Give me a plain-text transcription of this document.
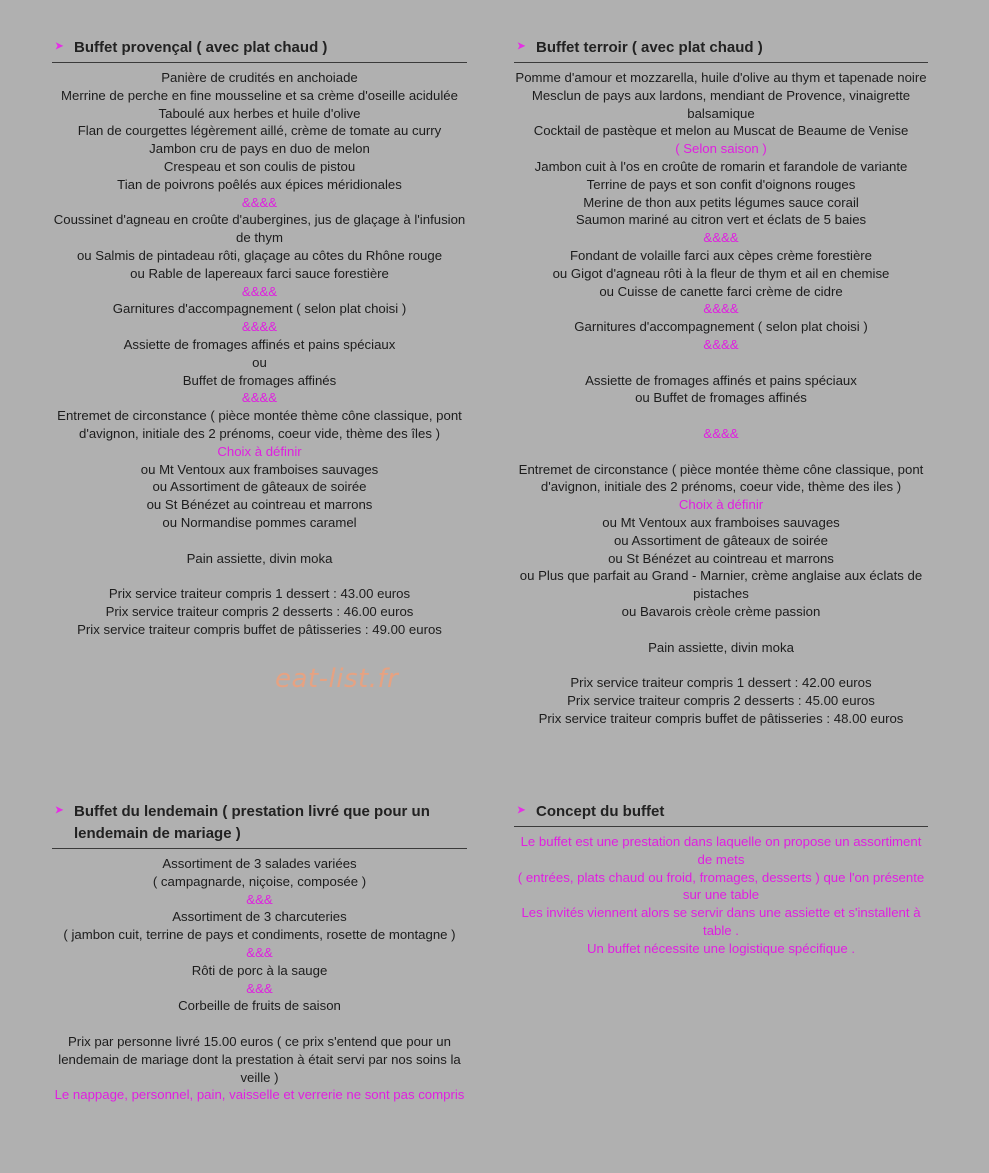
➤ Buffet provençal ( avec plat chaud )
Panière de crudités en anchoiade
Merrine de perche en fine mousseline et sa crème d'oseille acidulée
Taboulé aux herbes et huile d'olive
Flan de courgettes légèrement aillé, crème de tomate au curry
Jambon cru de pays en duo de melon
Crespeau et son coulis de pistou
Tian de poivrons poêlés aux épices méridionales
&&&&
Coussinet d'agneau en croûte d'aubergines, jus de glaçage à l'infusion de thym
ou Salmis de pintadeau rôti, glaçage au côtes du Rhône rouge
ou Rable de lapereaux farci sauce forestière
&&&&
Garnitures d'accompagnement ( selon plat choisi )
&&&&
Assiette de fromages affinés et pains spéciaux
ou
Buffet de fromages affinés
&&&&
Entremet de circonstance ( pièce montée thème cône classique, pont d'avignon, initiale des 2 prénoms, coeur vide, thème des îles )
Choix à définir
ou Mt Ventoux aux framboises sauvages
ou Assortiment de gâteaux de soirée
ou St Bénézet au cointreau et marrons
ou Normandise pommes caramel
Pain assiette, divin moka
Prix service traiteur compris 1 dessert : 43.00 euros
Prix service traiteur compris 2 desserts : 46.00 euros
Prix service traiteur compris buffet de pâtisseries : 49.00 euros
➤ Buffet terroir ( avec plat chaud )
Pomme d'amour et mozzarella, huile d'olive au thym et tapenade noire
Mesclun de pays aux lardons, mendiant de Provence, vinaigrette balsamique
Cocktail de pastèque et melon au Muscat de Beaume de Venise
( Selon saison )
Jambon cuit à l'os en croûte de romarin et farandole de variante
Terrine de pays et son confit d'oignons rouges
Merine de thon aux petits légumes sauce corail
Saumon mariné au citron vert et éclats de 5 baies
&&&&
Fondant de volaille farci aux cèpes crème forestière
ou Gigot d'agneau rôti à la fleur de thym et ail en chemise
ou Cuisse de canette farci crème de cidre
&&&&
Garnitures d'accompagnement ( selon plat choisi )
&&&&
Assiette de fromages affinés et pains spéciaux
ou Buffet de fromages affinés
&&&&
Entremet de circonstance ( pièce montée thème cône classique, pont d'avignon, initiale des 2 prénoms, coeur vide, thème des iles )
Choix à définir
ou Mt Ventoux aux framboises sauvages
ou Assortiment de gâteaux de soirée
ou St Bénézet au cointreau et marrons
ou Plus que parfait au Grand - Marnier, crème anglaise aux éclats de pistaches
ou Bavarois crèole crème passion
Pain assiette, divin moka
Prix service traiteur compris 1 dessert : 42.00 euros
Prix service traiteur compris 2 desserts : 45.00 euros
Prix service traiteur compris buffet de pâtisseries : 48.00 euros
➤ Buffet du lendemain ( prestation livré que pour un lendemain de mariage )
Assortiment de 3 salades variées
( campagnarde, niçoise, composée )
&&&
Assortiment de 3 charcuteries
( jambon cuit, terrine de pays et condiments, rosette de montagne )
&&&
Rôti de porc à la sauge
&&&
Corbeille de fruits de saison
Prix par personne livré 15.00 euros ( ce prix s'entend que pour un lendemain de mariage dont la prestation à était servi par nos soins la veille )
Le nappage, personnel, pain, vaisselle et verrerie ne sont pas compris
➤ Concept du buffet
Le buffet est une prestation dans laquelle on propose un assortiment de mets
( entrées, plats chaud ou froid, fromages, desserts ) que l'on présente sur une table
Les invités viennent alors se servir dans une assiette et s'installent à table .
Un buffet nécessite une logistique spécifique .
eat-list.fr
